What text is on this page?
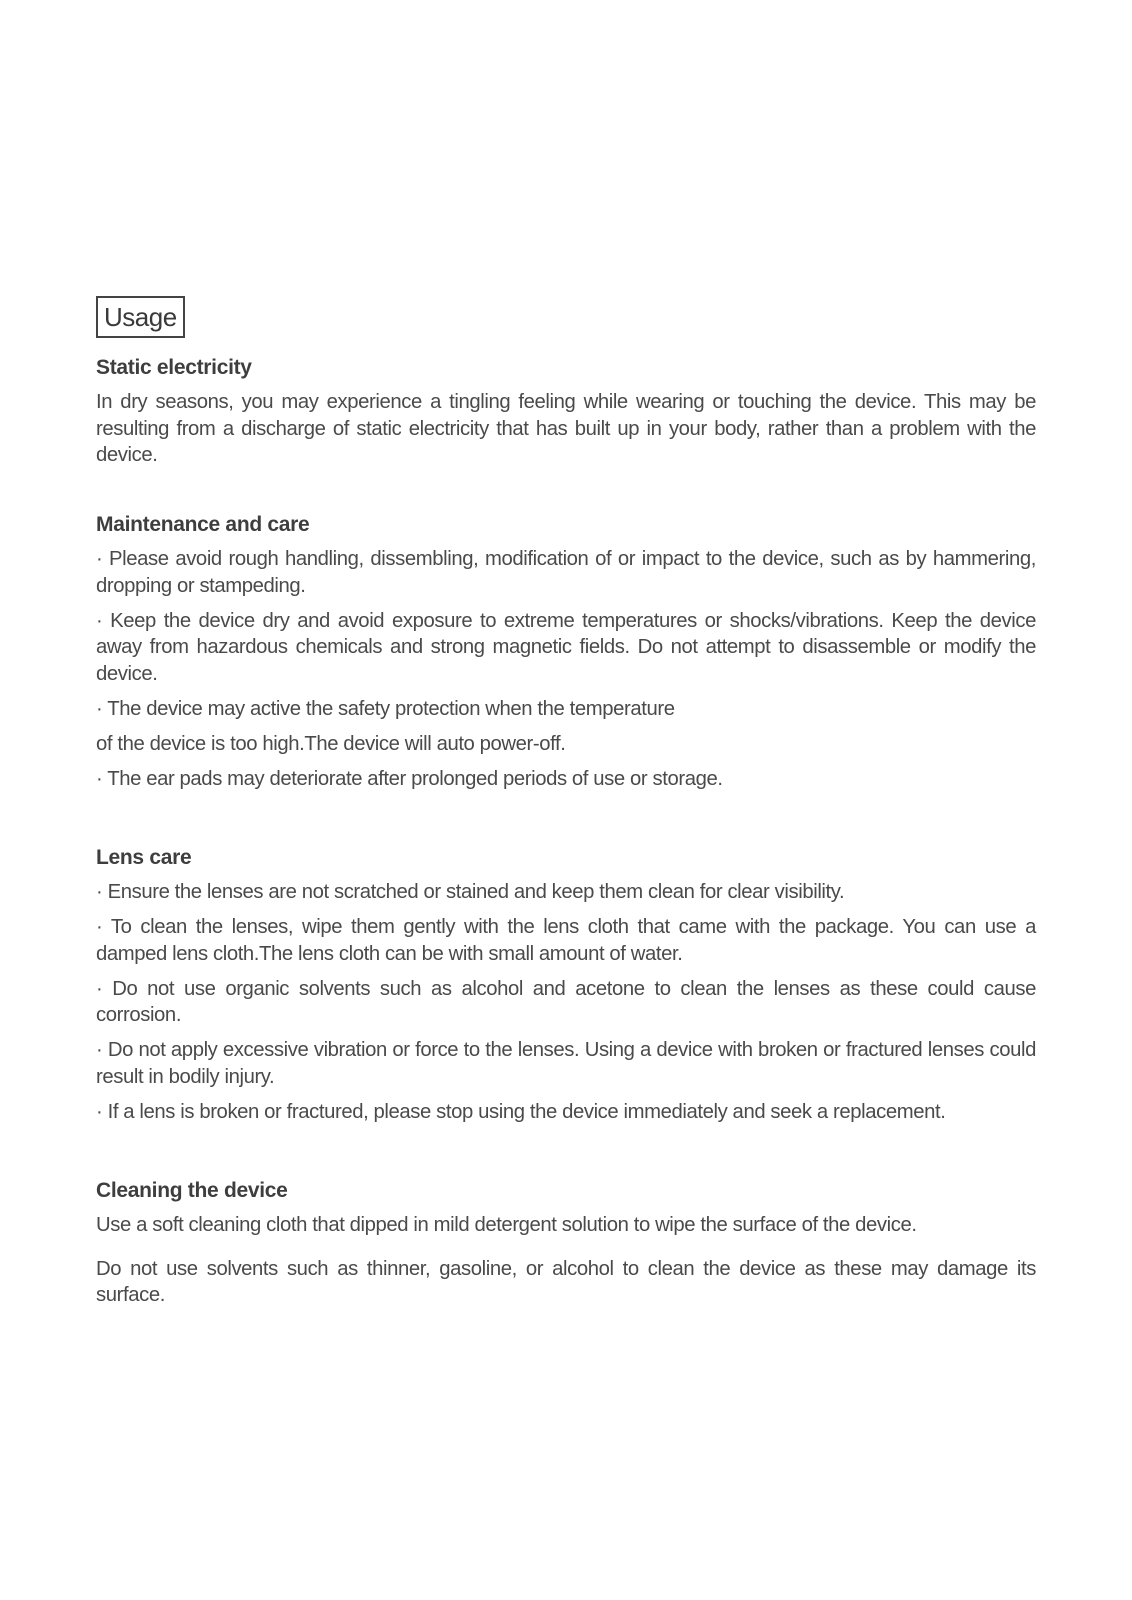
Usage
Static electricity

In dry seasons, you may experience a tingling feeling while wearing or touching the device. This may be resulting from a discharge of static electricity that has built up in your body, rather than a problem with the device.

Maintenance and care

· Please avoid rough handling, dissembling, modification of or impact to the device, such as by hammering, dropping or stampeding.

· Keep the device dry and avoid exposure to extreme temperatures or shocks/vibrations. Keep the device away from hazardous chemicals and strong magnetic fields. Do not attempt to disassemble or modify the device.

· The device may active the safety protection when the temperature

of the device is too high.The device will auto power-off.

· The ear pads may deteriorate after prolonged periods of use or storage.

Lens care

· Ensure the lenses are not scratched or stained and keep them clean for clear visibility.

· To clean the lenses, wipe them gently with the lens cloth that came with the package. You can use a damped lens cloth.The lens cloth can be with small amount of water.

· Do not use organic solvents such as alcohol and acetone to clean the lenses as these could cause corrosion.

· Do not apply excessive vibration or force to the lenses. Using a device with broken or fractured lenses could result in bodily injury.

· If a lens is broken or fractured, please stop using the device immediately and seek a replacement.

Cleaning the device

Use a soft cleaning cloth that dipped in mild detergent solution to wipe the surface of the device.

Do not use solvents such as thinner, gasoline, or alcohol to clean the device as these may damage its surface.
